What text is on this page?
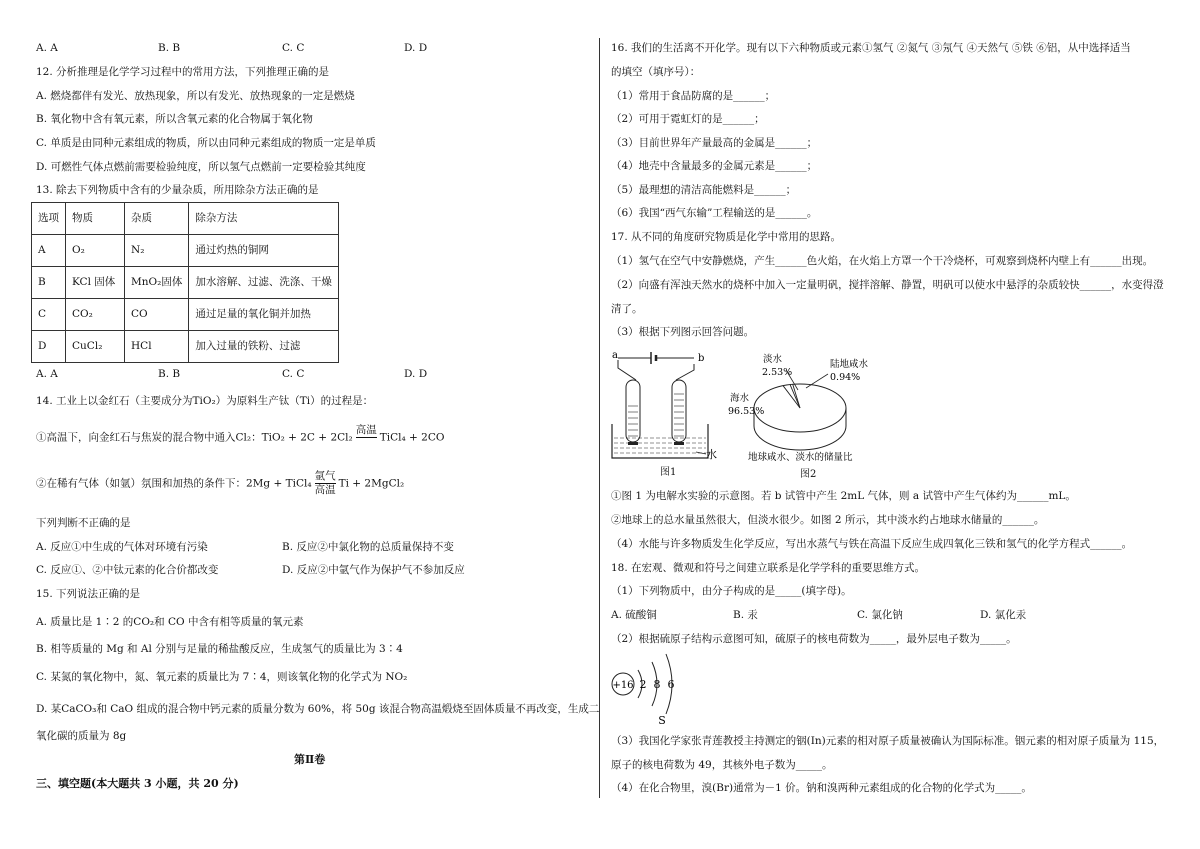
A. A	B. B	C. C	D. D
12. 分析推理是化学学习过程中的常用方法，下列推理正确的是
A. 燃烧都伴有发光、放热现象，所以有发光、放热现象的一定是燃烧
B. 氧化物中含有氧元素，所以含氧元素的化合物属于氧化物
C. 单质是由同种元素组成的物质，所以由同种元素组成的物质一定是单质
D. 可燃性气体点燃前需要检验纯度，所以氢气点燃前一定要检验其纯度
13. 除去下列物质中含有的少量杂质，所用除杂方法正确的是
选项	物质	杂质	除杂方法
A	O₂	N₂	通过灼热的铜网
B	KCl 固体	MnO₂固体	加水溶解、过滤、洗涤、干燥
C	CO₂	CO	通过足量的氧化铜并加热
D	CuCl₂	HCl	加入过量的铁粉、过滤
A. A	B. B	C. C	D. D
14. 工业上以金红石（主要成分为TiO₂）为原料生产钛（Ti）的过程是：
①高温下，向金红石与焦炭的混合物中通入Cl₂：TiO₂ + 2C + 2Cl₂
高温

TiCl₄ + 2CO
②在稀有气体（如氩）氛围和加热的条件下：2Mg + TiCl₄ $\frac{\text{氩气}}{\text{高温}}$ Ti + 2MgCl₂
下列判断不正确的是
A. 反应①中生成的气体对环境有污染	B. 反应②中氯化物的总质量保持不变
C. 反应①、②中钛元素的化合价都改变	D. 反应②中氩气作为保护气不参加反应
15. 下列说法正确的是
A. 质量比是 1∶2 的CO₂和 CO 中含有相等质量的氧元素
B. 相等质量的 Mg 和 Al 分别与足量的稀盐酸反应，生成氢气的质量比为 3∶4
C. 某氮的氧化物中，氮、氧元素的质量比为 7∶4，则该氧化物的化学式为 NO₂
D. 某CaCO₃和 CaO 组成的混合物中钙元素的质量分数为 60%，将 50g 该混合物高温煅烧至固体质量不再改变，生成二
氧化碳的质量为 8g
第Ⅱ卷
三、填空题(本大题共 3 小题，共 20 分)
16. 我们的生活离不开化学。现有以下六种物质或元素①氢气 ②氮气 ③氖气 ④天然气 ⑤铁 ⑥铝，从中选择适当
的填空（填序号）：
（1）常用于食品防腐的是______；
（2）可用于霓虹灯的是______；
（3）目前世界年产量最高的金属是______；
（4）地壳中含量最多的金属元素是______；
（5）最理想的清洁高能燃料是______；
（6）我国“西气东输”工程输送的是______。
17. 从不同的角度研究物质是化学中常用的思路。
（1）氢气在空气中安静燃烧，产生______色火焰，在火焰上方罩一个干冷烧杯，可观察到烧杯内壁上有______出现。
（2）向盛有浑浊天然水的烧杯中加入一定量明矾，搅拌溶解、静置，明矾可以使水中悬浮的杂质较快______，水变得澄
清了。
（3）根据下列图示回答问题。
a	b
水
图1
淡水
2.53%
陆地咸水
0.94%
海水
96.53%
地球咸水、淡水的储量比
图2
①图 1 为电解水实验的示意图。若 b 试管中产生 2mL 气体，则 a 试管中产生气体约为______mL。
②地球上的总水量虽然很大，但淡水很少。如图 2 所示，其中淡水约占地球水储量的______。
（4）水能与许多物质发生化学反应，写出水蒸气与铁在高温下反应生成四氧化三铁和氢气的化学方程式______。
18. 在宏观、微观和符号之间建立联系是化学学科的重要思维方式。
（1）下列物质中，由分子构成的是_____(填字母)。
A. 硫酸铜	B. 汞	C. 氯化钠	D. 氯化汞
（2）根据硫原子结构示意图可知，硫原子的核电荷数为_____，最外层电子数为_____。
+16 2 8 6
S
（3）我国化学家张青莲教授主持测定的铟(In)元素的相对原子质量被确认为国际标准。铟元素的相对原子质量为 115，
原子的核电荷数为 49，其核外电子数为_____。
（4）在化合物里，溴(Br)通常为－1 价。钠和溴两种元素组成的化合物的化学式为_____。
